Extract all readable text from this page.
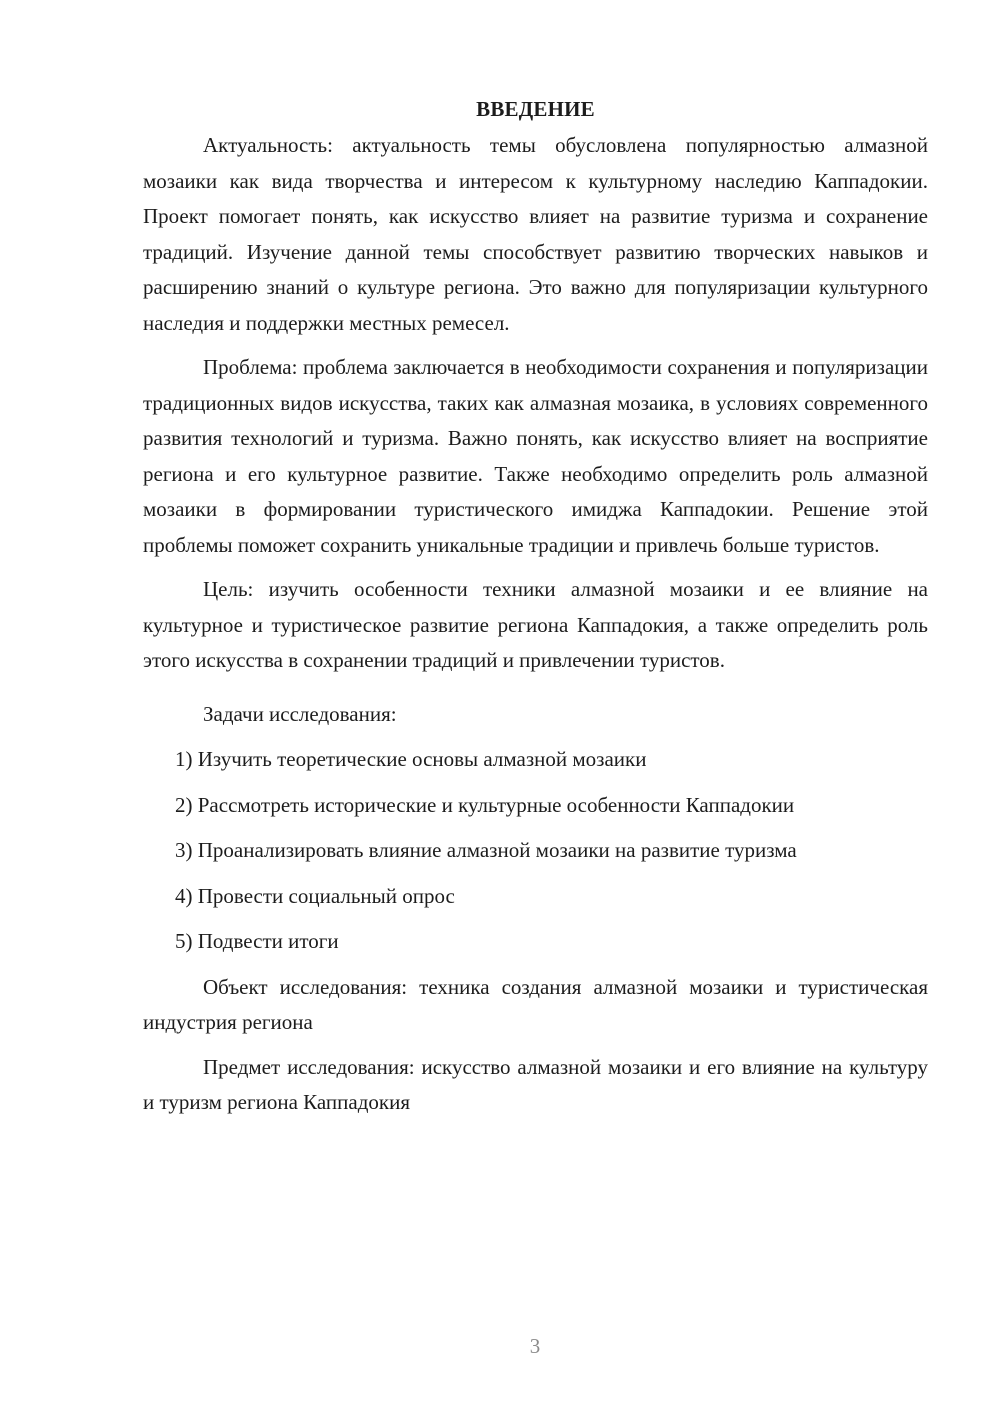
ВВЕДЕНИЕ

Актуальность: актуальность темы обусловлена популярностью алмазной мозаики как вида творчества и интересом к культурному наследию Каппадокии. Проект помогает понять, как искусство влияет на развитие туризма и сохранение традиций. Изучение данной темы способствует развитию творческих навыков и расширению знаний о культуре региона. Это важно для популяризации культурного наследия и поддержки местных ремесел.

Проблема: проблема заключается в необходимости сохранения и популяризации традиционных видов искусства, таких как алмазная мозаика, в условиях современного развития технологий и туризма. Важно понять, как искусство влияет на восприятие региона и его культурное развитие. Также необходимо определить роль алмазной мозаики в формировании туристического имиджа Каппадокии. Решение этой проблемы поможет сохранить уникальные традиции и привлечь больше туристов.

Цель: изучить особенности техники алмазной мозаики и ее влияние на культурное и туристическое развитие региона Каппадокия, а также определить роль этого искусства в сохранении традиций и привлечении туристов.

Задачи исследования:
1) Изучить теоретические основы алмазной мозаики
2) Рассмотреть исторические и культурные особенности Каппадокии
3) Проанализировать влияние алмазной мозаики на развитие туризма
4) Провести социальный опрос
5) Подвести итоги

Объект исследования: техника создания алмазной мозаики и туристическая индустрия региона

Предмет исследования: искусство алмазной мозаики и его влияние на культуру и туризм региона Каппадокия

3
